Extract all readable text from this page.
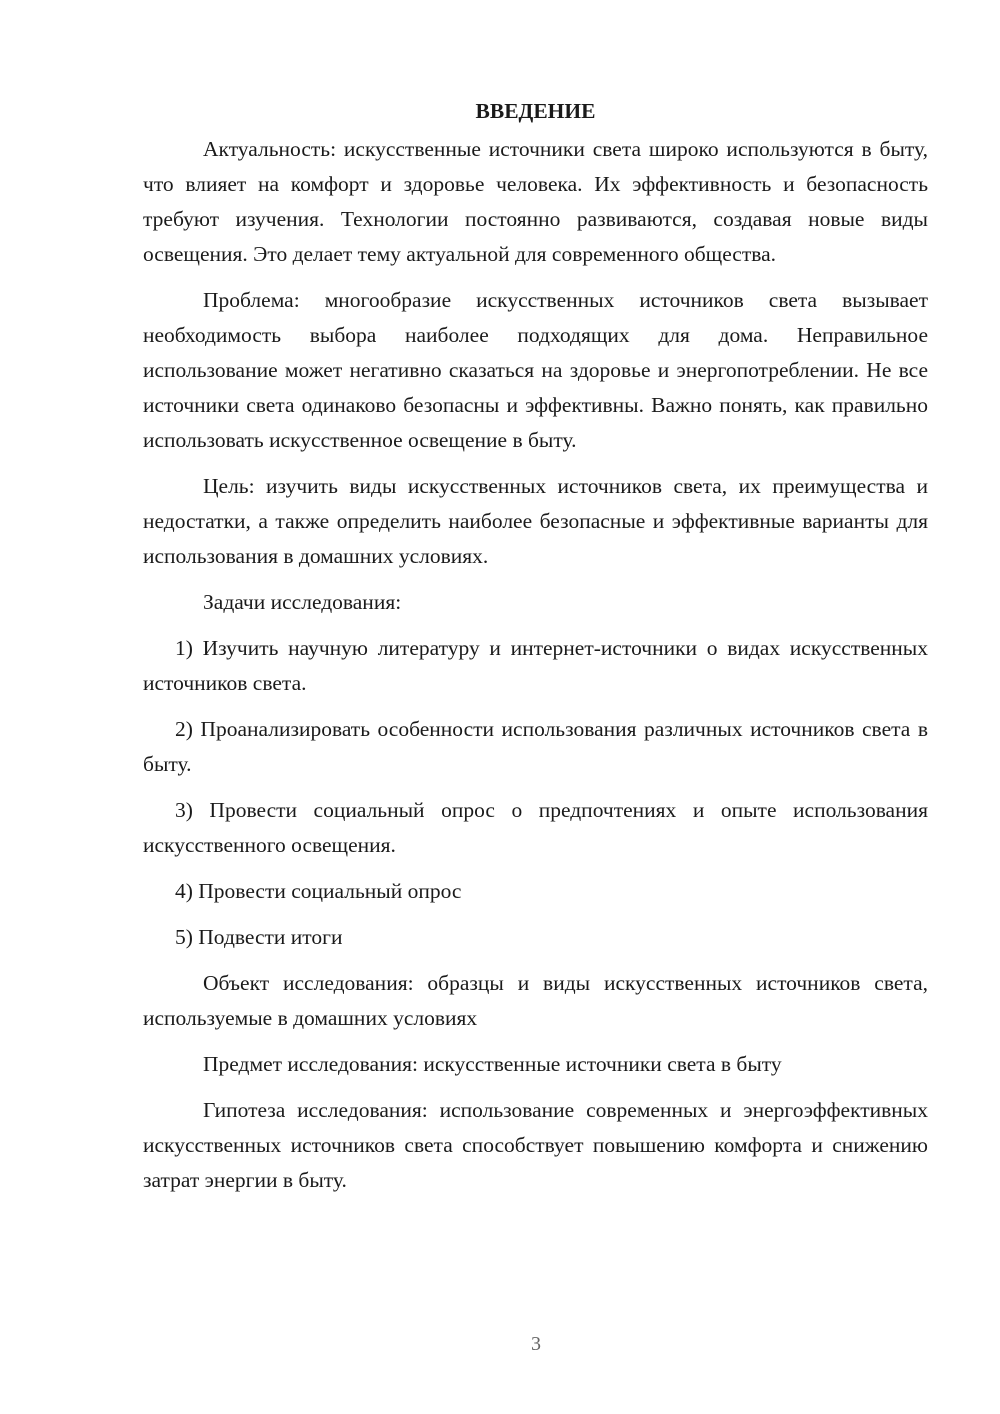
ВВЕДЕНИЕ

Актуальность: искусственные источники света широко используются в быту, что влияет на комфорт и здоровье человека. Их эффективность и безопасность требуют изучения. Технологии постоянно развиваются, создавая новые виды освещения. Это делает тему актуальной для современного общества.

Проблема: многообразие искусственных источников света вызывает необходимость выбора наиболее подходящих для дома. Неправильное использование может негативно сказаться на здоровье и энергопотреблении. Не все источники света одинаково безопасны и эффективны. Важно понять, как правильно использовать искусственное освещение в быту.

Цель: изучить виды искусственных источников света, их преимущества и недостатки, а также определить наиболее безопасные и эффективные варианты для использования в домашних условиях.

Задачи исследования:

1) Изучить научную литературу и интернет-источники о видах искусственных источников света.

2) Проанализировать особенности использования различных источников света в быту.

3) Провести социальный опрос о предпочтениях и опыте использования искусственного освещения.

4) Провести социальный опрос

5) Подвести итоги

Объект исследования: образцы и виды искусственных источников света, используемые в домашних условиях

Предмет исследования: искусственные источники света в быту

Гипотеза исследования: использование современных и энергоэффективных искусственных источников света способствует повышению комфорта и снижению затрат энергии в быту.

3
